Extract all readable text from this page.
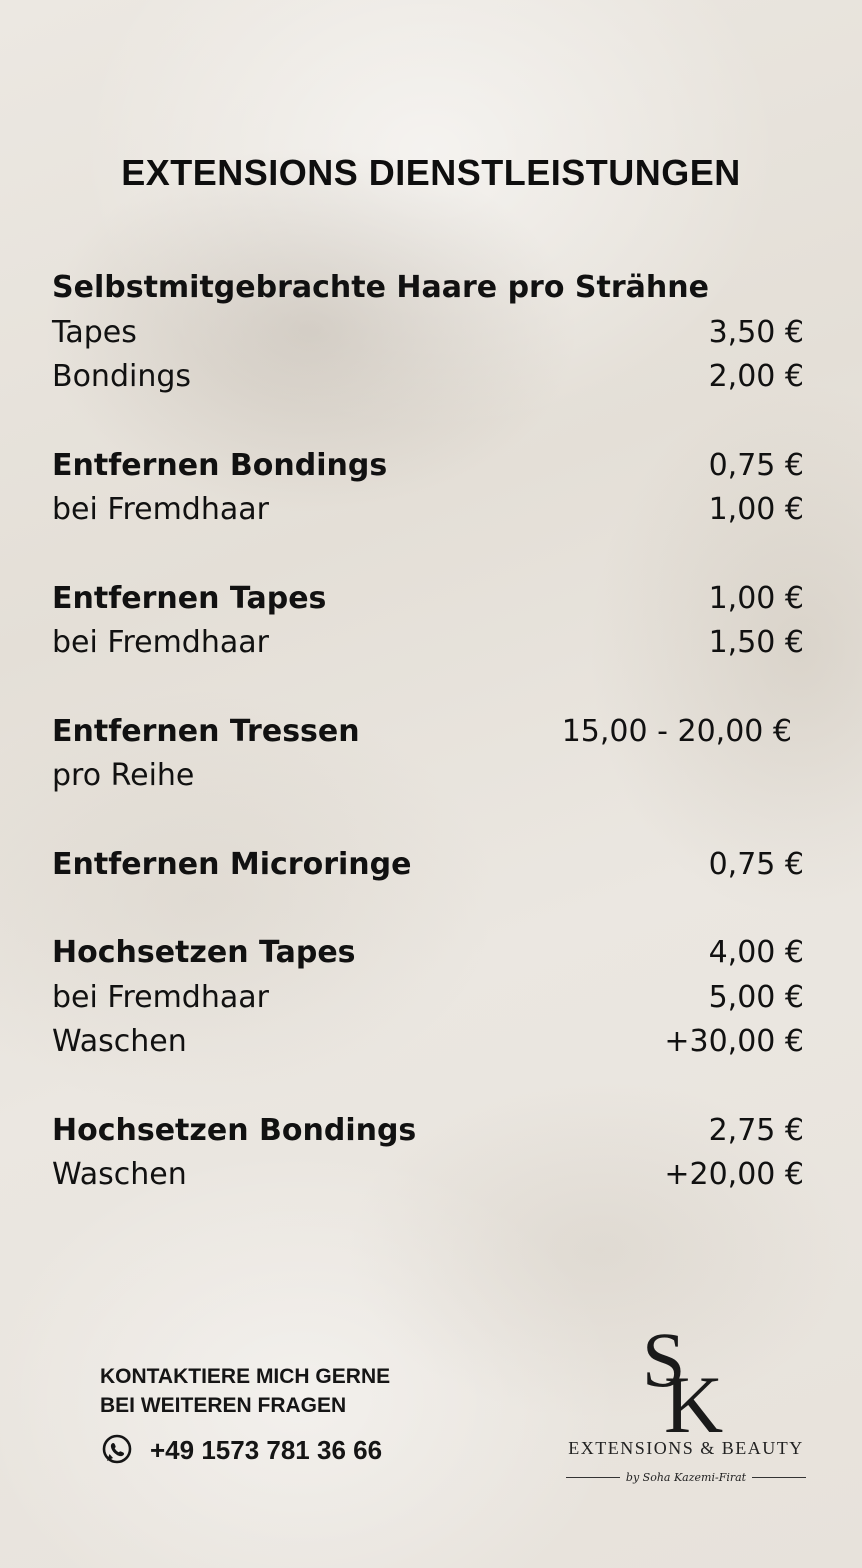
EXTENSIONS DIENSTLEISTUNGEN
Selbstmitgebrachte Haare pro Strähne
Tapes	3,50 €
Bondings	2,00 €
Entfernen Bondings	0,75 €
bei Fremdhaar	1,00 €
Entfernen Tapes	1,00 €
bei Fremdhaar	1,50 €
Entfernen Tressen	15,00 - 20,00 €
pro Reihe
Entfernen Microringe	0,75 €
Hochsetzen Tapes	4,00 €
bei Fremdhaar	5,00 €
Waschen	+30,00 €
Hochsetzen Bondings	2,75 €
Waschen	+20,00 €
KONTAKTIERE MICH GERNE
BEI WEITEREN FRAGEN
+49 1573 781 36 66
S
K
EXTENSIONS & BEAUTY
by Soha Kazemi-Firat
